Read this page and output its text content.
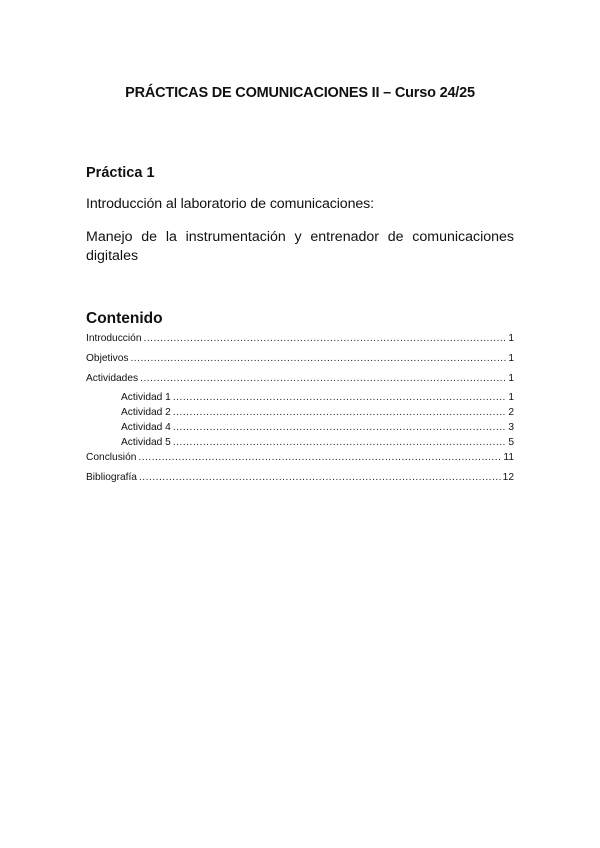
PRÁCTICAS DE COMUNICACIONES II – Curso 24/25
Práctica 1
Introducción al laboratorio de comunicaciones:
Manejo de la instrumentación y entrenador de comunicaciones digitales
Contenido
Introducción .....	1
Objetivos .....	1
Actividades .....	1
Actividad 1 .....	1
Actividad 2 .....	2
Actividad 4 .....	3
Actividad 5 .....	5
Conclusión .....	11
Bibliografía .....	12
